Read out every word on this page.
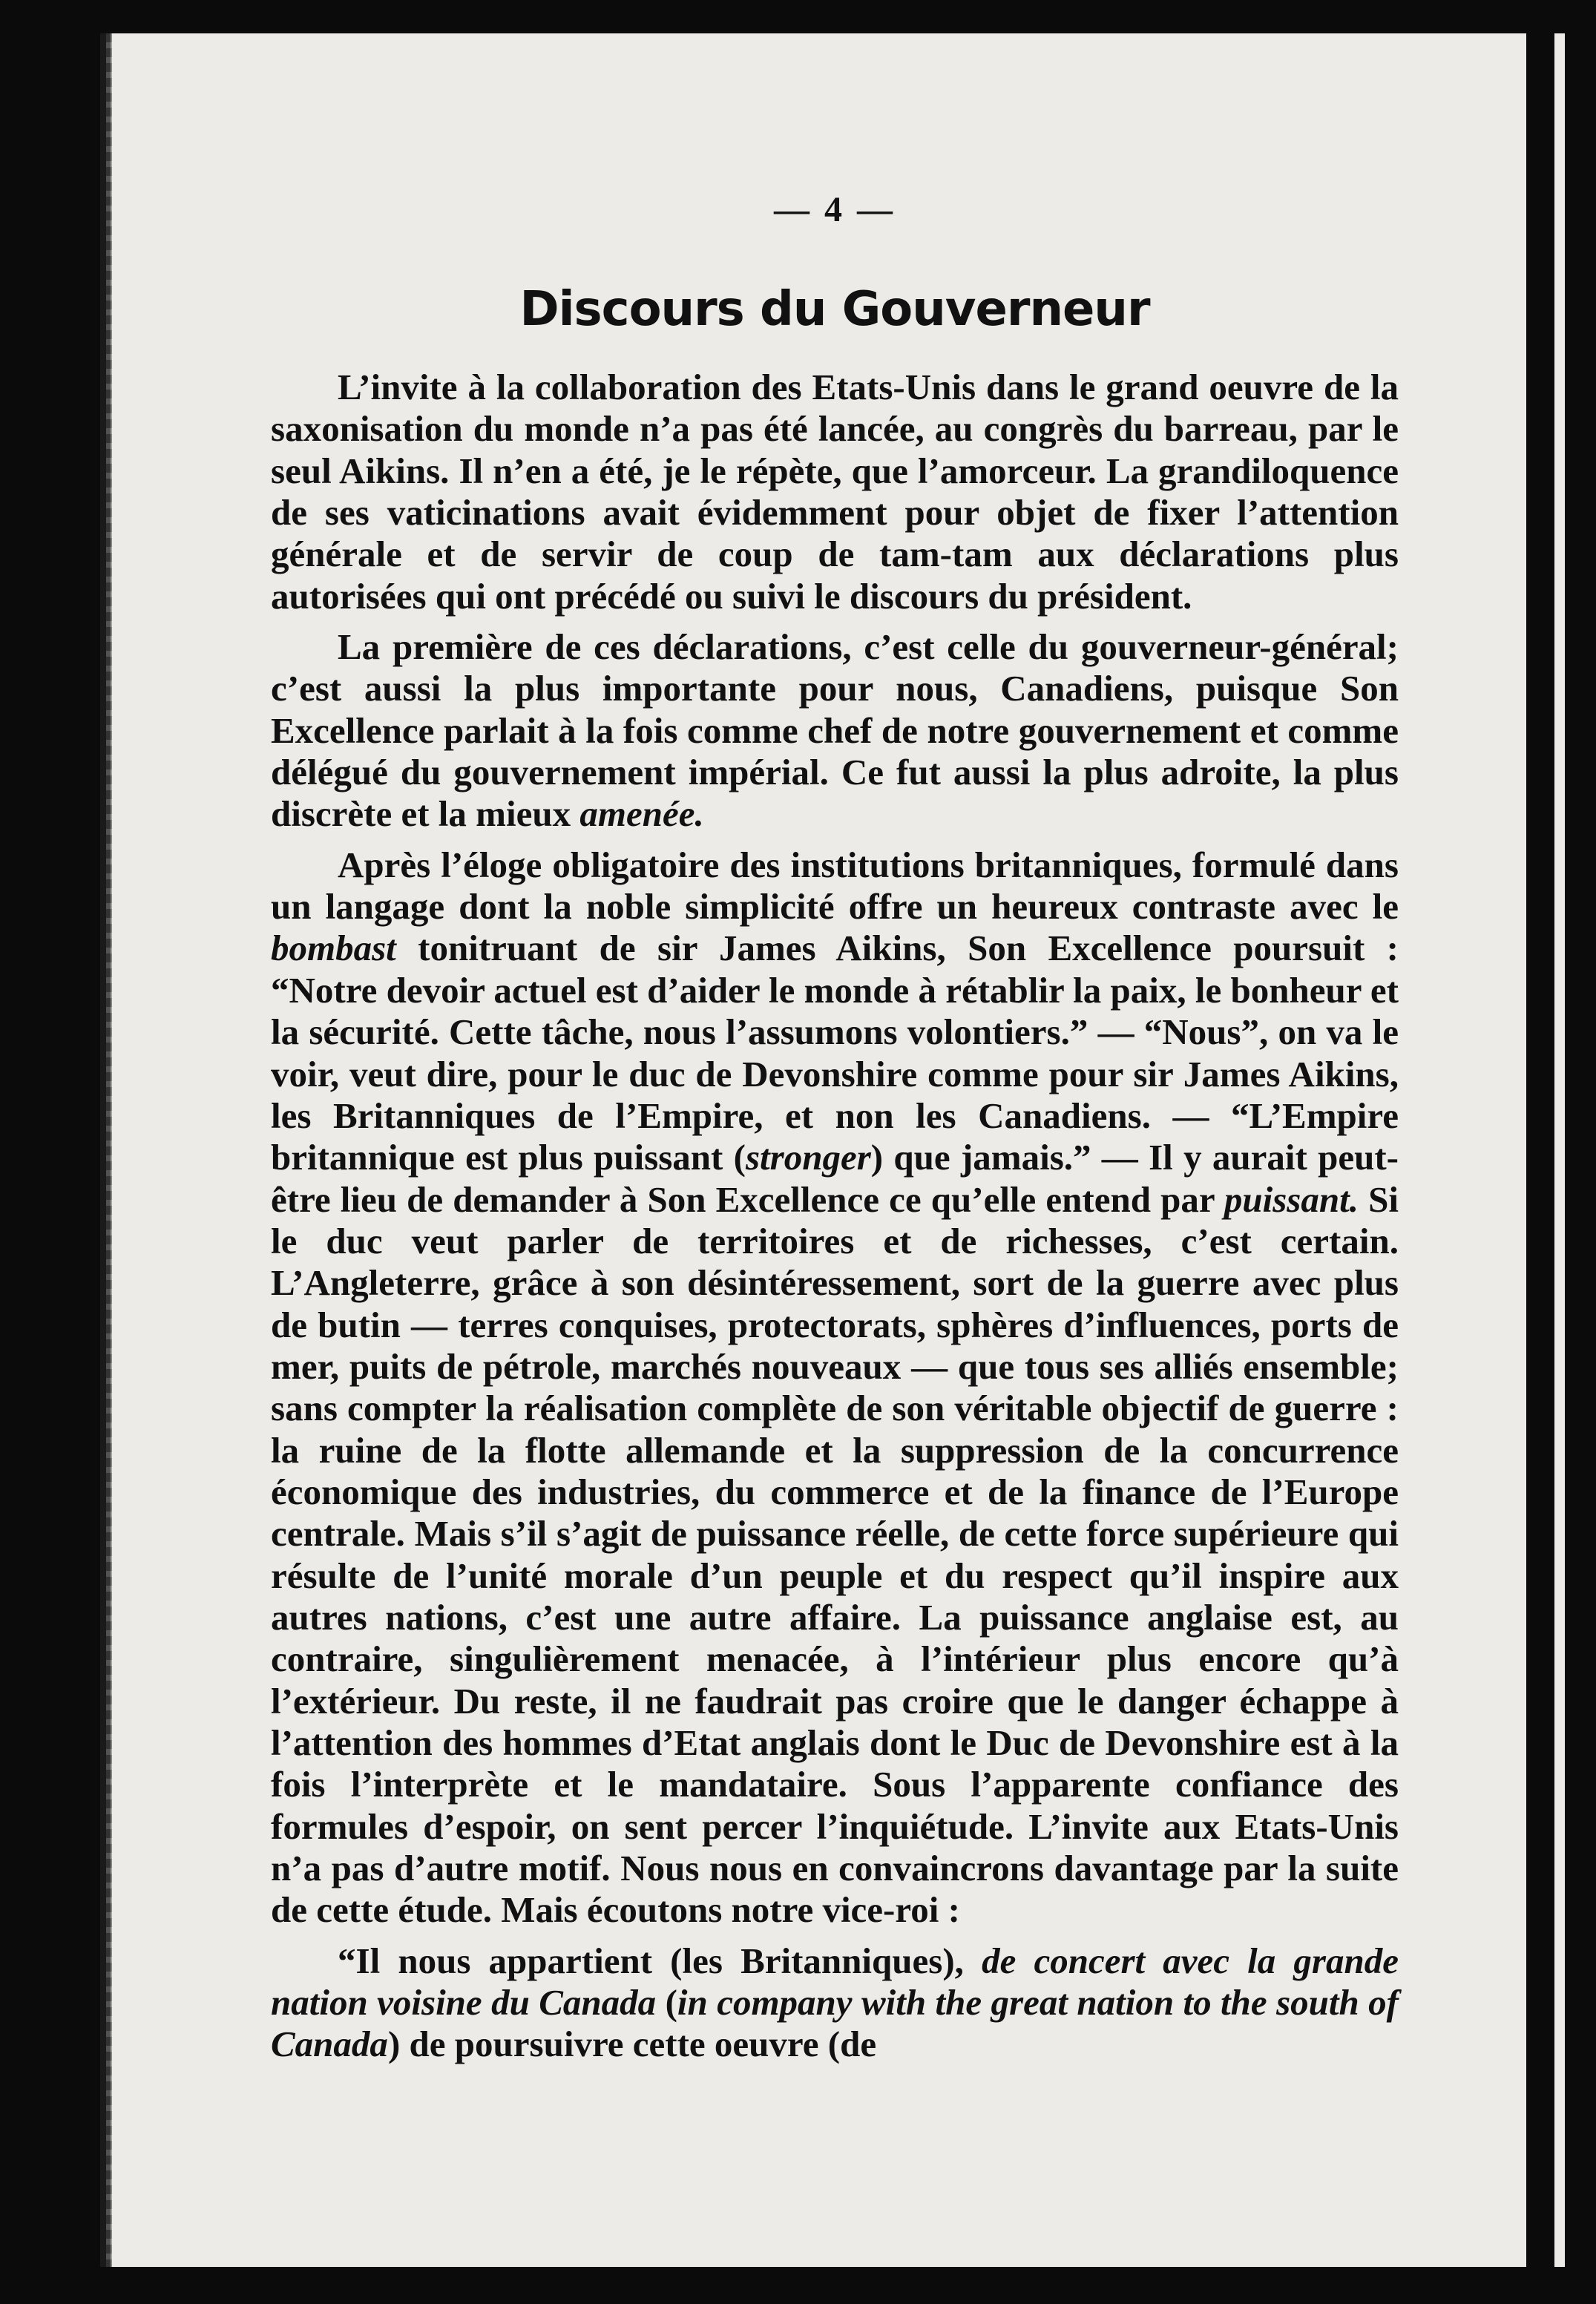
— 4 —
Discours du Gouverneur

L’invite à la collaboration des Etats-Unis dans le grand oeuvre de la saxonisation du monde n’a pas été lancée, au congrès du barreau, par le seul Aikins. Il n’en a été, je le répète, que l’amorceur. La grandiloquence de ses vaticinations avait évidemment pour objet de fixer l’attention générale et de servir de coup de tam-tam aux déclarations plus autorisées qui ont précédé ou suivi le discours du président.

La première de ces déclarations, c’est celle du gouverneur-général; c’est aussi la plus importante pour nous, Canadiens, puisque Son Excellence parlait à la fois comme chef de notre gouvernement et comme délégué du gouvernement impérial. Ce fut aussi la plus adroite, la plus discrète et la mieux amenée.

Après l’éloge obligatoire des institutions britanniques, formulé dans un langage dont la noble simplicité offre un heureux contraste avec le bombast tonitruant de sir James Aikins, Son Excellence poursuit : “Notre devoir actuel est d’aider le monde à rétablir la paix, le bonheur et la sécurité. Cette tâche, nous l’assumons volontiers.” — “Nous”, on va le voir, veut dire, pour le duc de Devonshire comme pour sir James Aikins, les Britanniques de l’Empire, et non les Canadiens. — “L’Empire britannique est plus puissant (stronger) que jamais.” — Il y aurait peut-être lieu de demander à Son Excellence ce qu’elle entend par puissant. Si le duc veut parler de territoires et de richesses, c’est certain. L’Angleterre, grâce à son désintéressement, sort de la guerre avec plus de butin — terres conquises, protectorats, sphères d’influences, ports de mer, puits de pétrole, marchés nouveaux — que tous ses alliés ensemble; sans compter la réalisation complète de son véritable objectif de guerre : la ruine de la flotte allemande et la suppression de la concurrence économique des industries, du commerce et de la finance de l’Europe centrale. Mais s’il s’agit de puissance réelle, de cette force supérieure qui résulte de l’unité morale d’un peuple et du respect qu’il inspire aux autres nations, c’est une autre affaire. La puissance anglaise est, au contraire, singulièrement menacée, à l’intérieur plus encore qu’à l’extérieur. Du reste, il ne faudrait pas croire que le danger échappe à l’attention des hommes d’Etat anglais dont le Duc de Devonshire est à la fois l’interprète et le mandataire. Sous l’apparente confiance des formules d’espoir, on sent percer l’inquiétude. L’invite aux Etats-Unis n’a pas d’autre motif. Nous nous en convaincrons davantage par la suite de cette étude. Mais écoutons notre vice-roi :

“Il nous appartient (les Britanniques), de concert avec la grande nation voisine du Canada (in company with the great nation to the south of Canada) de poursuivre cette oeuvre (de
